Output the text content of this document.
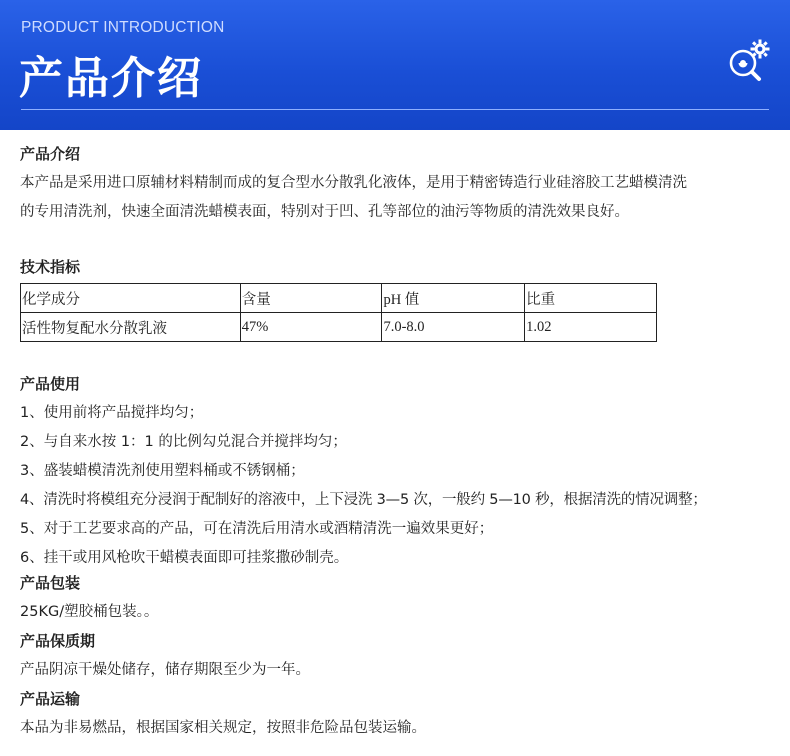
PRODUCT INTRODUCTION
产品介绍
产品介绍
本产品是采用进口原辅材料精制而成的复合型水分散乳化液体，是用于精密铸造行业硅溶胶工艺蜡模清洗
的专用清洗剂，快速全面清洗蜡模表面，特别对于凹、孔等部位的油污等物质的清洗效果良好。
技术指标
化学成分	含量	pH 值	比重
活性物复配水分散乳液	47%	7.0-8.0	1.02
产品使用
1、使用前将产品搅拌均匀；
2、与自来水按 1：1 的比例勾兑混合并搅拌均匀；
3、盛装蜡模清洗剂使用塑料桶或不锈钢桶；
4、清洗时将模组充分浸润于配制好的溶液中，上下浸洗 3—5 次，一般约 5—10 秒，根据清洗的情况调整；
5、对于工艺要求高的产品，可在清洗后用清水或酒精清洗一遍效果更好；
6、挂干或用风枪吹干蜡模表面即可挂浆撒砂制壳。
产品包装
25KG/塑胶桶包装。。
产品保质期
产品阴凉干燥处储存，储存期限至少为一年。
产品运输
本品为非易燃品，根据国家相关规定，按照非危险品包装运输。
